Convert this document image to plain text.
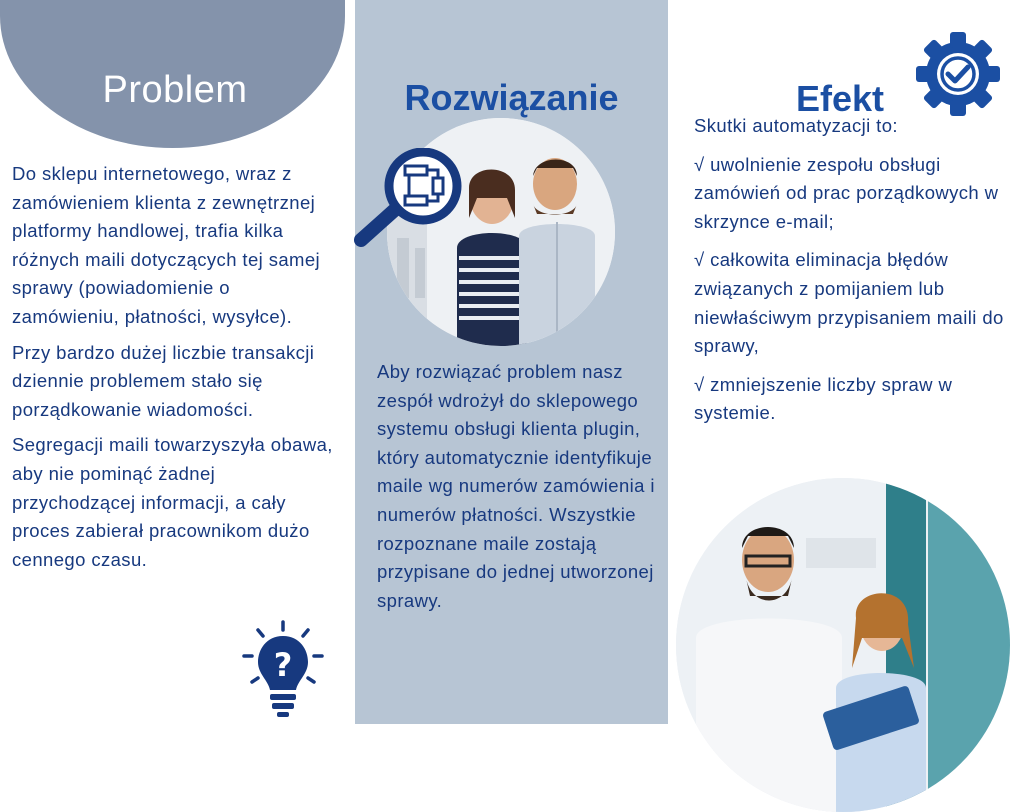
Problem

Do sklepu internetowego, wraz z zamówieniem klienta z zewnętrznej platformy handlowej, trafia kilka różnych maili dotyczących tej samej sprawy (powiadomienie o zamówieniu, płatności, wysyłce).

Przy bardzo dużej liczbie transakcji dziennie problemem stało się porządkowanie wiadomości.

Segregacji maili towarzyszyła obawa, aby nie pominąć żadnej przychodzącej informacji, a cały proces zabierał pracownikom dużo cennego czasu.

?
Rozwiązanie
Aby rozwiązać problem nasz zespół wdrożył do sklepowego systemu obsługi klienta plugin, który automatycznie identyfikuje maile wg numerów zamówienia i numerów płatności. Wszystkie rozpoznane maile zostają przypisane do jednej utworzonej sprawy.
Efekt

Skutki automatyzacji to:

√ uwolnienie zespołu obsługi zamówień od prac porządkowych w skrzynce e-mail;

√ całkowita eliminacja błędów związanych z pomijaniem lub niewłaściwym przypisaniem maili do sprawy,

√ zmniejszenie liczby spraw w systemie.
